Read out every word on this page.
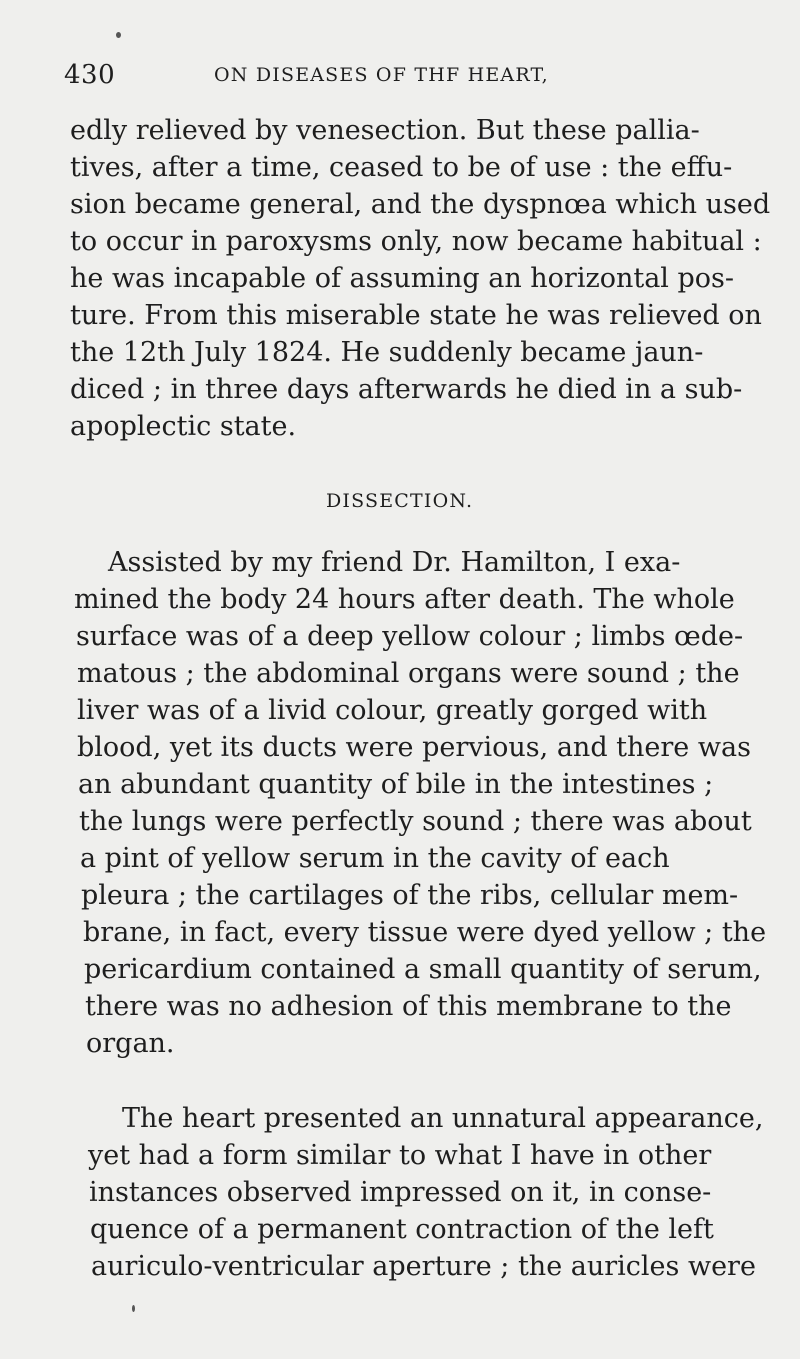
430	ON DISEASES OF THF HEART,
edly relieved by venesection. But these pallia-
tives, after a time, ceased to be of use : the effu-
sion became general, and the dyspnœa which used
to occur in paroxysms only, now became habitual :
he was incapable of assuming an horizontal pos-
ture. From this miserable state he was relieved on
the 12th July 1824. He suddenly became jaun-
diced ; in three days afterwards he died in a sub-
apoplectic state.
DISSECTION.
Assisted by my friend Dr. Hamilton, I exa-
mined the body 24 hours after death. The whole
surface was of a deep yellow colour ; limbs œde-
matous ; the abdominal organs were sound ; the
liver was of a livid colour, greatly gorged with
blood, yet its ducts were pervious, and there was
an abundant quantity of bile in the intestines ;
the lungs were perfectly sound ; there was about
a pint of yellow serum in the cavity of each
pleura ; the cartilages of the ribs, cellular mem-
brane, in fact, every tissue were dyed yellow ; the
pericardium contained a small quantity of serum,
there was no adhesion of this membrane to the
organ.
The heart presented an unnatural appearance,
yet had a form similar to what I have in other
instances observed impressed on it, in conse-
quence of a permanent contraction of the left
auriculo-ventricular aperture ; the auricles were
